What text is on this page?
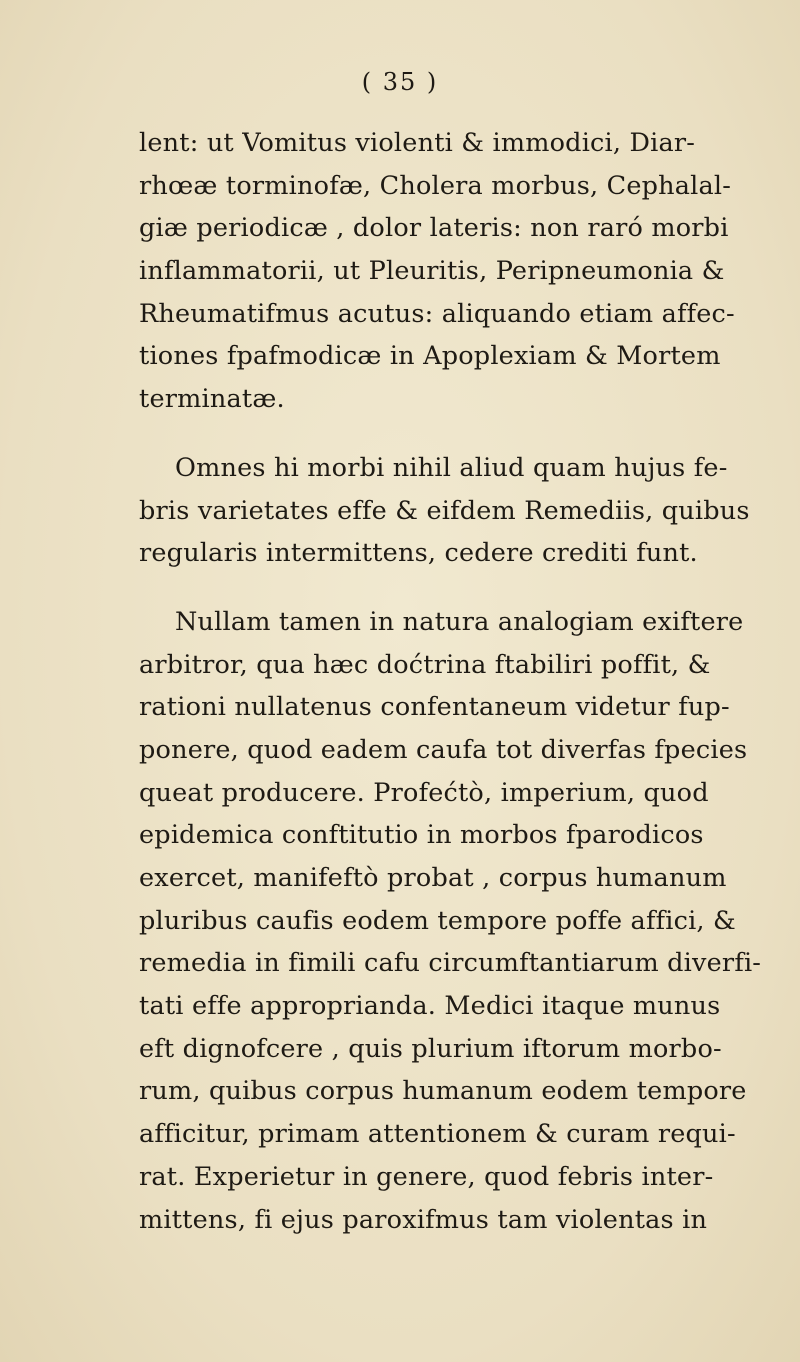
( 35 )
lent: ut Vomitus violenti & immodici, Diar-
rhœæ torminofæ, Cholera morbus, Cephalal-
giæ periodicæ , dolor lateris: non raró morbi
inflammatorii, ut Pleuritis, Peripneumonia &
Rheumatifmus acutus: aliquando etiam affec-
tiones fpafmodicæ in Apoplexiam & Mortem
terminatæ.
Omnes hi morbi nihil aliud quam hujus fe-
bris varietates effe & eifdem Remediis, quibus
regularis intermittens, cedere crediti funt.
Nullam tamen in natura analogiam exiftere
arbitror, qua hæc doćtrina ftabiliri poffit, &
rationi nullatenus confentaneum videtur fup-
ponere, quod eadem caufa tot diverfas fpecies
queat producere. Profećtò, imperium, quod
epidemica conftitutio in morbos fparodicos
exercet, manifeftò probat , corpus humanum
pluribus caufis eodem tempore poffe affici, &
remedia in fimili cafu circumftantiarum diverfi-
tati effe approprianda. Medici itaque munus
eft dignofcere , quis plurium iftorum morbo-
rum, quibus corpus humanum eodem tempore
afficitur, primam attentionem & curam requi-
rat. Experietur in genere, quod febris inter-
mittens, fi ejus paroxifmus tam violentas in
